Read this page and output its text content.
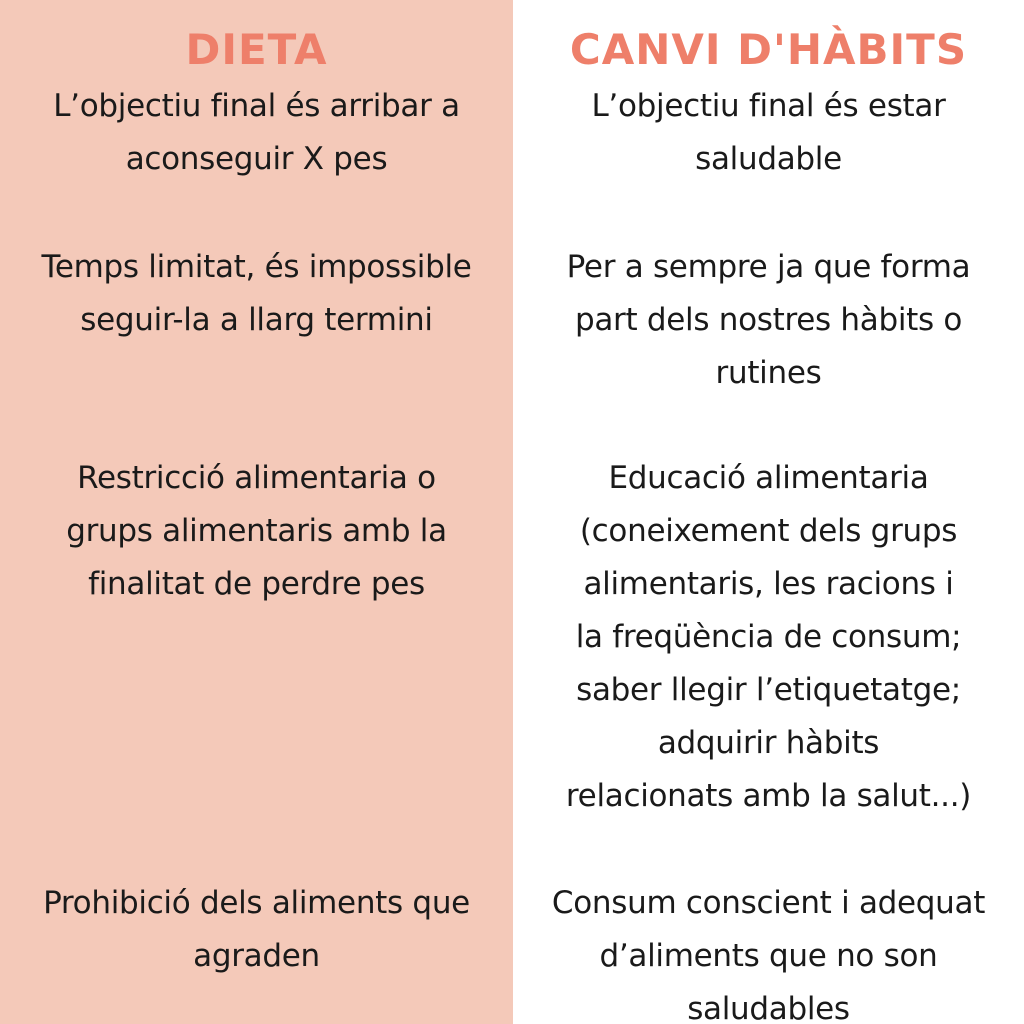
DIETA	CANVI D'HÀBITS

L’objectiu final és arribar a
aconseguir X pes

L’objectiu final és estar
saludable

Temps limitat, és impossible
seguir-la a llarg termini

Per a sempre ja que forma
part dels nostres hàbits o
rutines

Restricció alimentaria o
grups alimentaris amb la
finalitat de perdre pes

Educació alimentaria
(coneixement dels grups
alimentaris, les racions i
la freqüència de consum;
saber llegir l’etiquetatge;
adquirir hàbits
relacionats amb la salut...)

Prohibició dels aliments que
agraden

Consum conscient i adequat
d’aliments que no son
saludables
